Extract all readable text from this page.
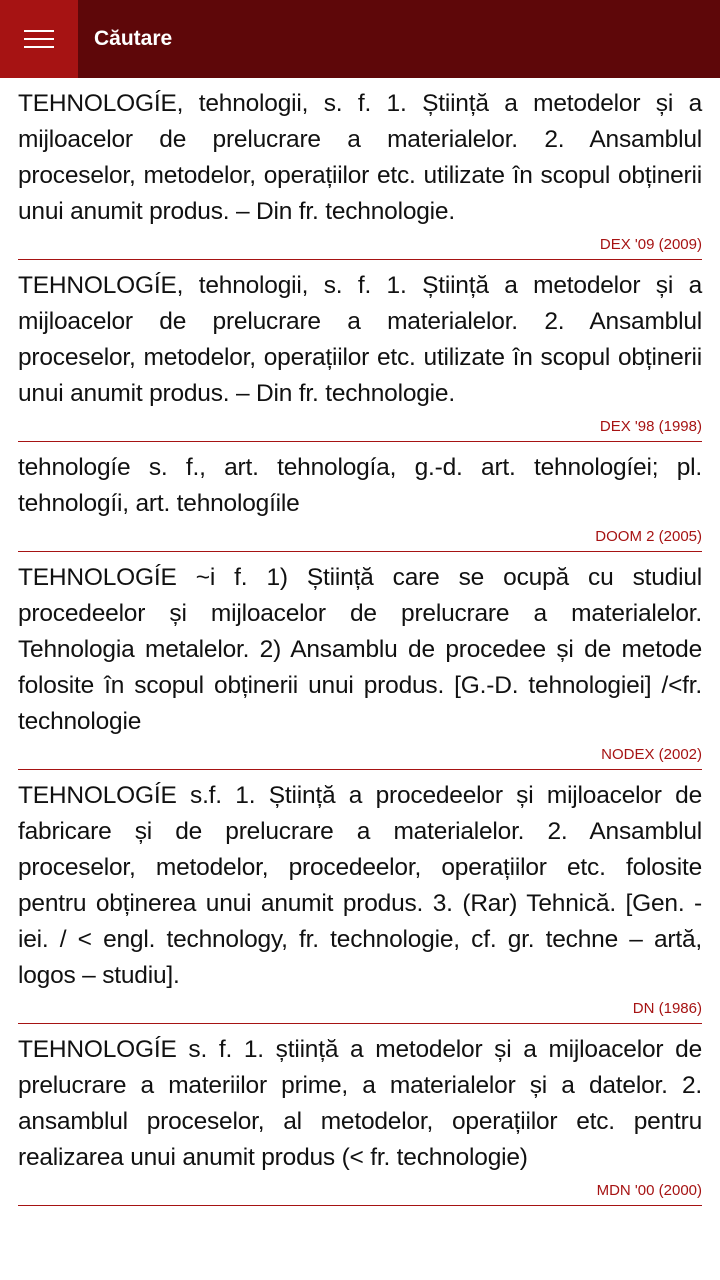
Căutare

TEHNOLOGÍE, tehnologii, s. f. 1. Știință a metodelor și a mijloacelor de prelucrare a materialelor. 2. Ansamblul proceselor, metodelor, operațiilor etc. utilizate în scopul obținerii unui anumit produs. – Din fr. technologie.

DEX '09 (2009)

TEHNOLOGÍE, tehnologii, s. f. 1. Știință a metodelor și a mijloacelor de prelucrare a materialelor. 2. Ansamblul proceselor, metodelor, operațiilor etc. utilizate în scopul obținerii unui anumit produs. – Din fr. technologie.

DEX '98 (1998)

tehnologíe s. f., art. tehnología, g.-d. art. tehnologíei; pl. tehnologíi, art. tehnologíile

DOOM 2 (2005)

TEHNOLOGÍE ~i f. 1) Știință care se ocupă cu studiul procedeelor și mijloacelor de prelucrare a materialelor. Tehnologia metalelor. 2) Ansamblu de procedee și de metode folosite în scopul obținerii unui produs. [G.-D. tehnologiei] /<fr. technologie

NODEX (2002)

TEHNOLOGÍE s.f. 1. Știință a procedeelor și mijloacelor de fabricare și de prelucrare a materialelor. 2. Ansamblul proceselor, metodelor, procedeelor, operațiilor etc. folosite pentru obținerea unui anumit produs. 3. (Rar) Tehnică. [Gen. -iei. / < engl. technology, fr. technologie, cf. gr. techne – artă, logos – studiu].

DN (1986)

TEHNOLOGÍE s. f. 1. știință a metodelor și a mijloacelor de prelucrare a materiilor prime, a materialelor și a datelor. 2. ansamblul proceselor, al metodelor, operațiilor etc. pentru realizarea unui anumit produs (< fr. technologie)

MDN '00 (2000)
